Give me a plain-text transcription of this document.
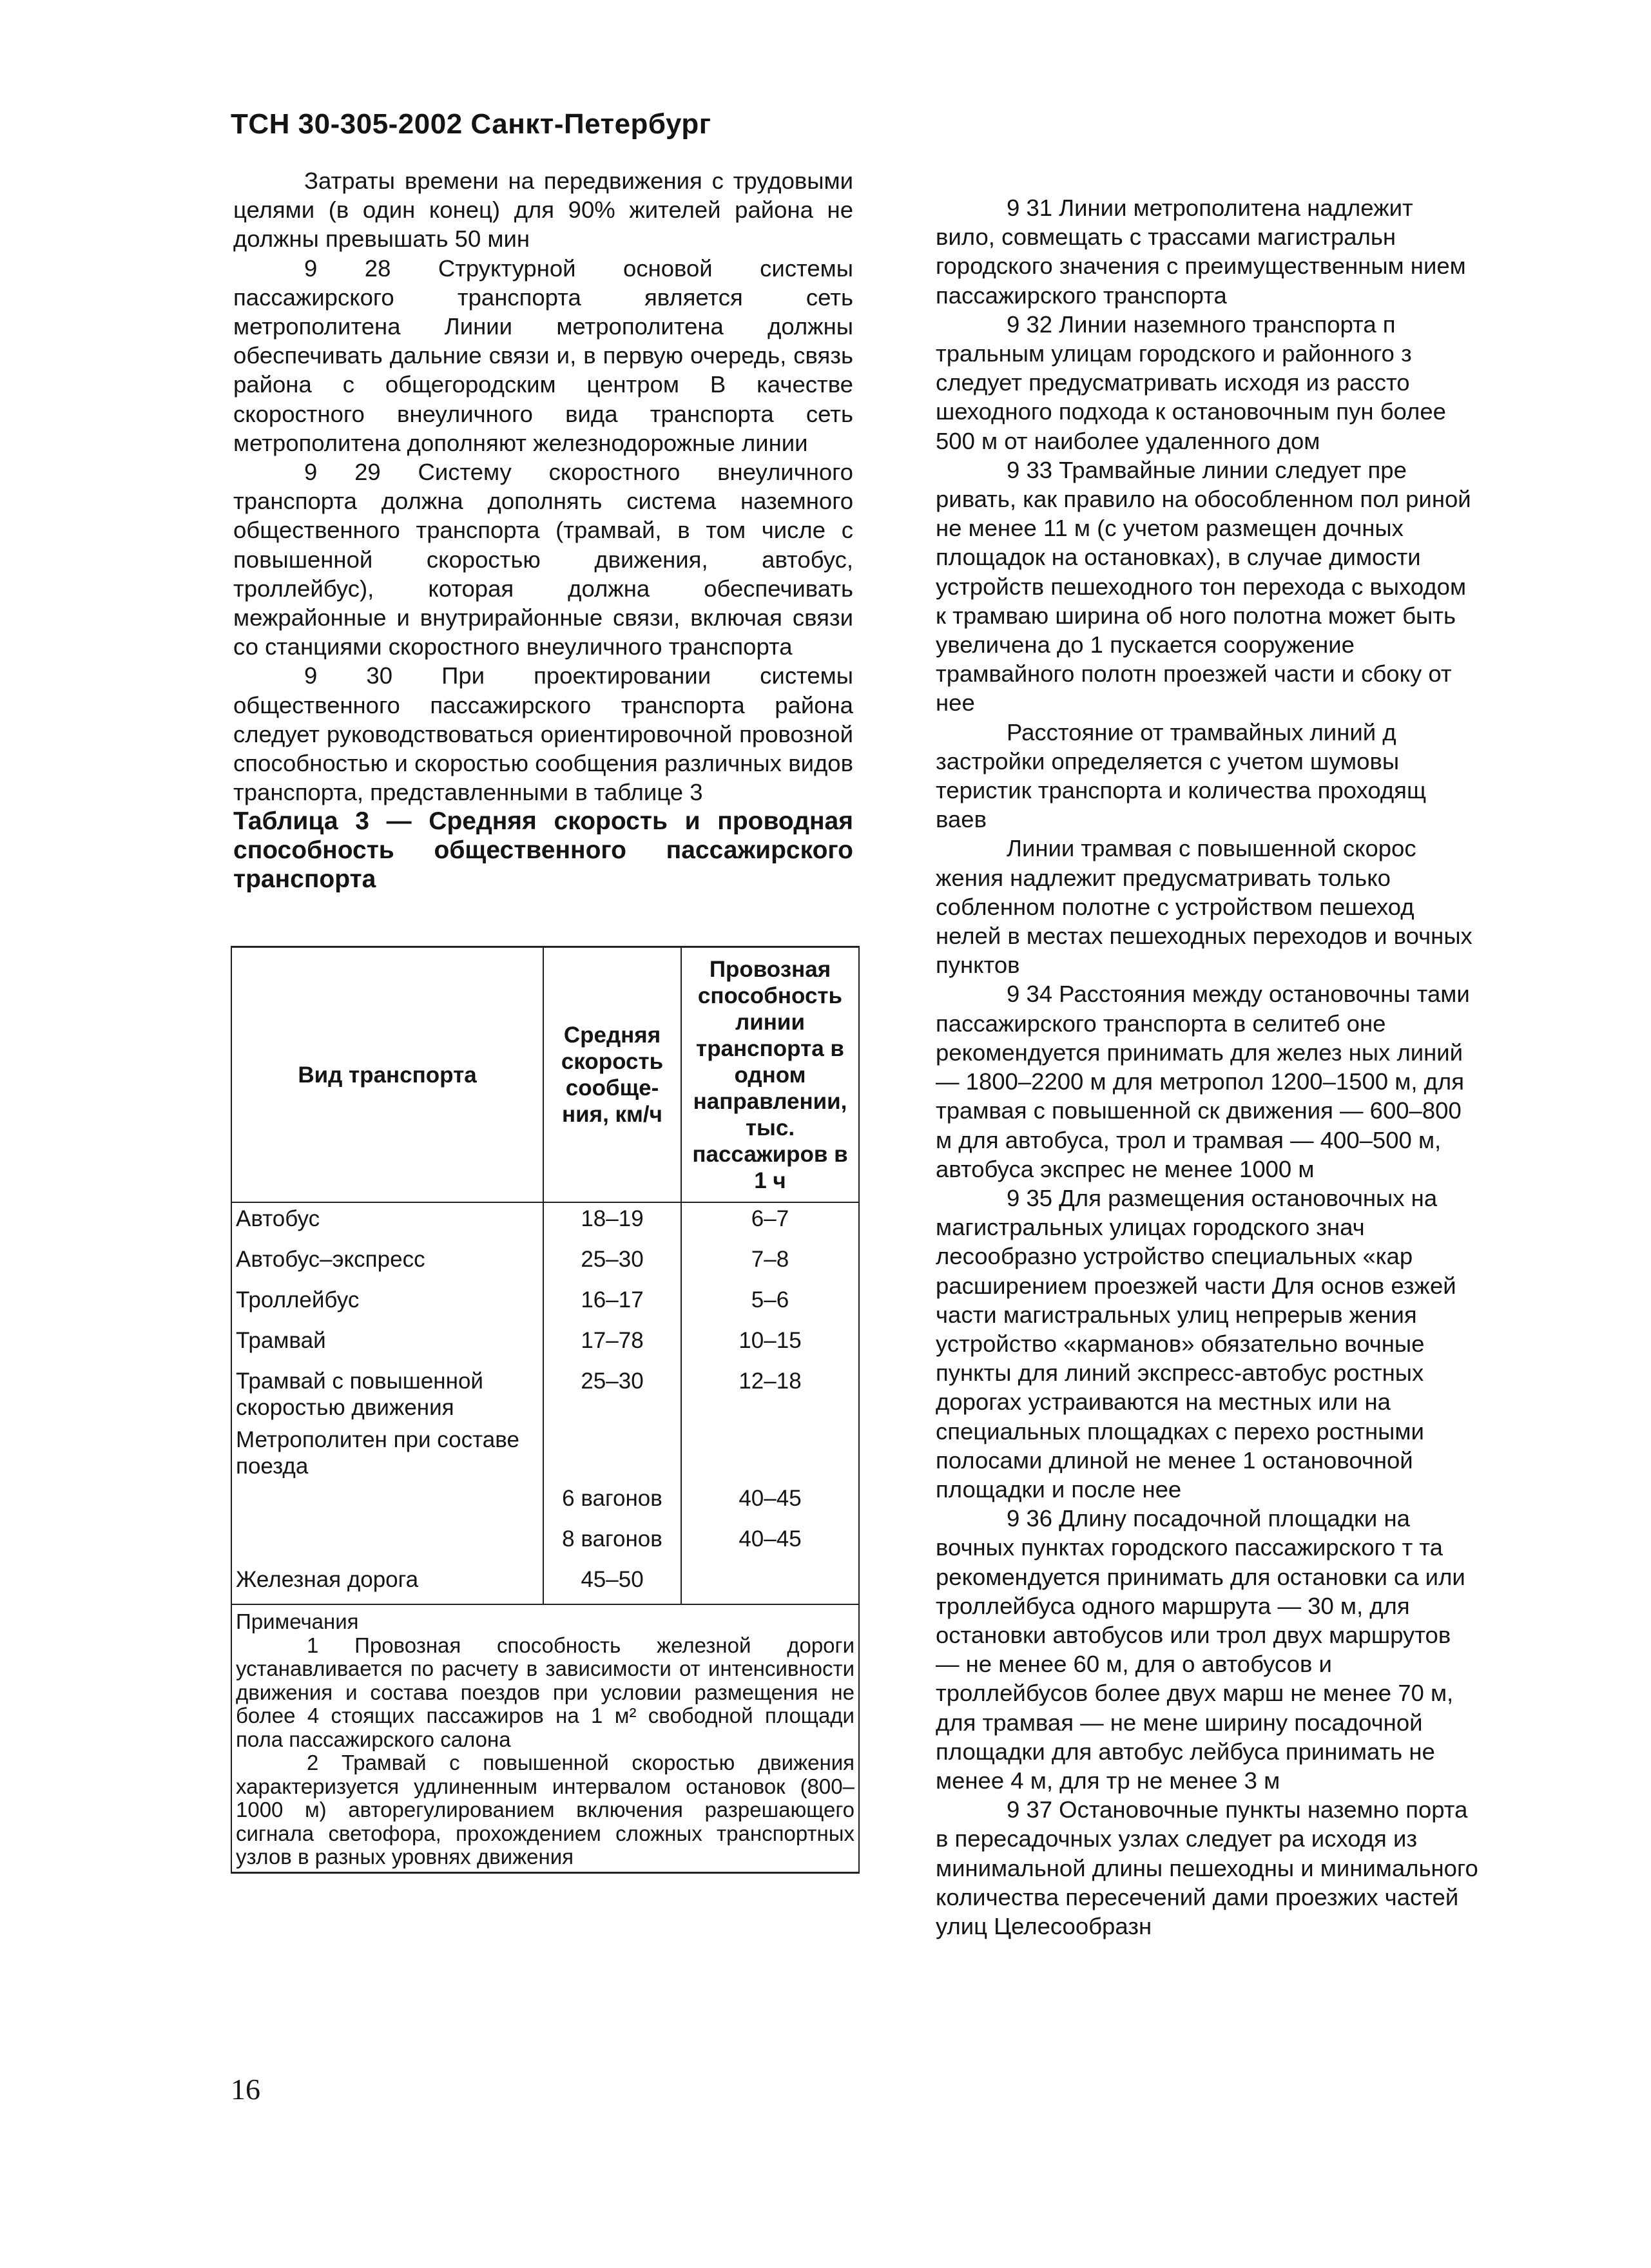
ТСН 30-305-2002 Санкт-Петербург

Затраты времени на передвижения с трудовыми целями (в один конец) для 90% жителей района не должны превышать 50 мин

9 28 Структурной основой системы пассажирского транспорта является сеть метрополитена Линии метрополитена должны обеспечивать дальние связи и, в первую очередь, связь района с общегородским центром В качестве скоростного внеуличного вида транспорта сеть метрополитена дополняют железнодорожные линии

9 29 Систему скоростного внеуличного транспорта должна дополнять система наземного общественного транспорта (трамвай, в том числе с повышенной скоростью движения, автобус, троллейбус), которая должна обеспечивать межрайонные и внутрирайонные связи, включая связи со станциями скоростного внеуличного транспорта

9 30 При проектировании системы общественного пассажирского транспорта района следует руководствоваться ориентировочной провозной способностью и скоростью сообщения различных видов транспорта, представленными в таблице 3

Таблица 3 — Средняя скорость и проводная способность общественного пассажирского транспорта

Вид транспорта	Средняя скорость сообще- ния, км/ч	Провозная способность линии транспорта в одном направлении, тыс. пассажиров в 1 ч
Автобус	18–19	6–7
Автобус–экспресс	25–30	7–8
Троллейбус	16–17	5–6
Трамвай	17–78	10–15
Трамвай с повышенной скоростью движения	25–30	12–18
Метрополитен при составе поезда		
	6 вагонов	40–45
	8 вагонов	40–45
Железная дорога	45–50	

Примечания
1 Провозная способность железной дороги устанавливается по расчету в зависимости от интенсивности движения и состава поездов при условии размещения не более 4 стоящих пассажиров на 1 м² свободной площади пола пассажирского салона
2 Трамвай с повышенной скоростью движения характеризуется удлиненным интервалом остановок (800–1000 м) авторегулированием включения разрешающего сигнала светофора, прохождением сложных транспортных узлов в разных уровнях движения		

9 31 Линии метрополитена надлежит вило, совмещать с трассами магистральн городского значения с преимущественным нием пассажирского транспорта

9 32 Линии наземного транспорта п тральным улицам городского и районного з следует предусматривать исходя из рассто шеходного подхода к остановочным пун более 500 м от наиболее удаленного дом

9 33 Трамвайные линии следует пре ривать, как правило на обособленном пол риной не менее 11 м (с учетом размещен дочных площадок на остановках), в случае димости устройств пешеходного тон перехода с выходом к трамваю ширина об ного полотна может быть увеличена до 1 пускается сооружение трамвайного полотн проезжей части и сбоку от нее

Расстояние от трамвайных линий д застройки определяется с учетом шумовы теристик транспорта и количества проходящ ваев

Линии трамвая с повышенной скорос жения надлежит предусматривать только собленном полотне с устройством пешеход нелей в местах пешеходных переходов и вочных пунктов

9 34 Расстояния между остановочны тами пассажирского транспорта в селитеб оне рекомендуется принимать для желез ных линий — 1800–2200 м для метропол 1200–1500 м, для трамвая с повышенной ск движения — 600–800 м для автобуса, трол и трамвая — 400–500 м, автобуса экспрес не менее 1000 м

9 35 Для размещения остановочных на магистральных улицах городского знач лесообразно устройство специальных «кар расширением проезжей части Для основ езжей части магистральных улиц непрерыв жения устройство «карманов» обязательно вочные пункты для линий экспресс-автобус ростных дорогах устраиваются на местных или на специальных площадках с перехо ростными полосами длиной не менее 1 остановочной площадки и после нее

9 36 Длину посадочной площадки на вочных пунктах городского пассажирского т та рекомендуется принимать для остановки са или троллейбуса одного маршрута — 30 м, для остановки автобусов или трол двух маршрутов — не менее 60 м, для о автобусов и троллейбусов более двух марш не менее 70 м, для трамвая — не мене ширину посадочной площадки для автобус лейбуса принимать не менее 4 м, для тр не менее 3 м

9 37 Остановочные пункты наземно порта в пересадочных узлах следует ра исходя из минимальной длины пешеходны и минимального количества пересечений дами проезжих частей улиц Целесообразн

16
